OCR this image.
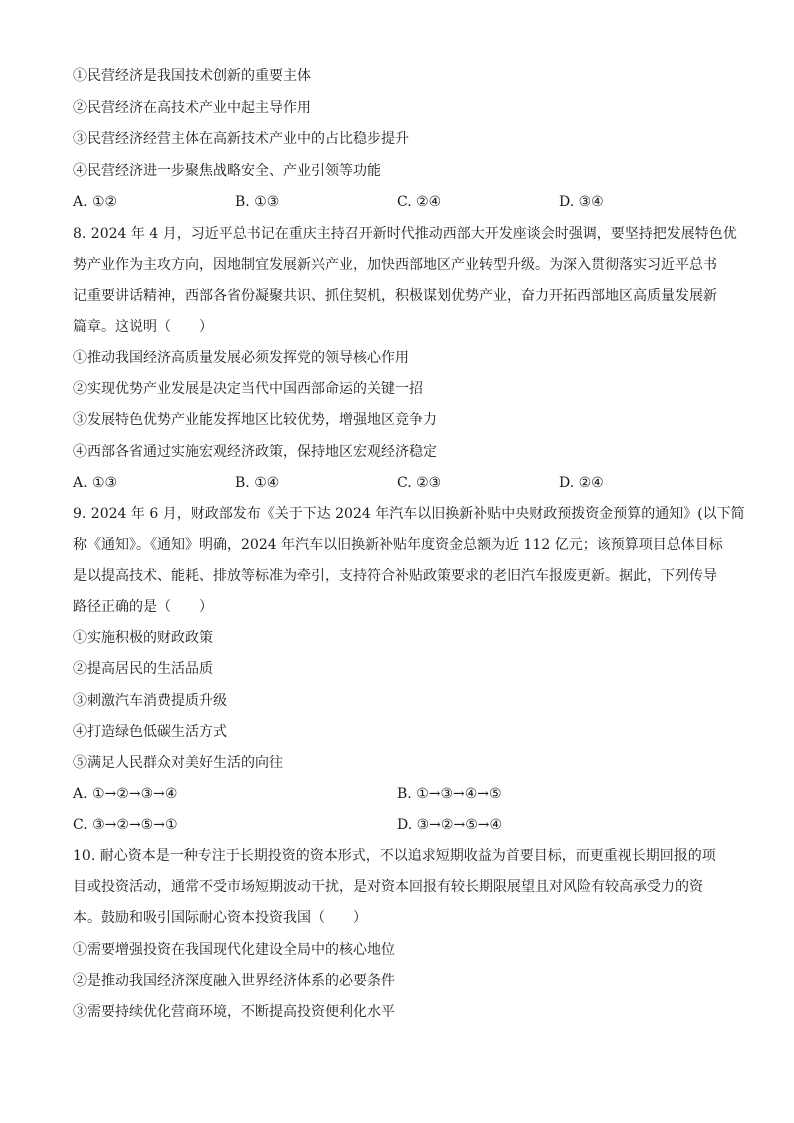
①民营经济是我国技术创新的重要主体
②民营经济在高技术产业中起主导作用
③民营经济经营主体在高新技术产业中的占比稳步提升
④民营经济进一步聚焦战略安全、产业引领等功能
A. ①②	B. ①③	C. ②④	D. ③④
8. 2024 年 4 月，习近平总书记在重庆主持召开新时代推动西部大开发座谈会时强调，要坚持把发展特色优
势产业作为主攻方向，因地制宜发展新兴产业，加快西部地区产业转型升级。为深入贯彻落实习近平总书
记重要讲话精神，西部各省份凝聚共识、抓住契机，积极谋划优势产业，奋力开拓西部地区高质量发展新
篇章。这说明（　　）
①推动我国经济高质量发展必须发挥党的领导核心作用
②实现优势产业发展是决定当代中国西部命运的关键一招
③发展特色优势产业能发挥地区比较优势，增强地区竞争力
④西部各省通过实施宏观经济政策，保持地区宏观经济稳定
A. ①③	B. ①④	C. ②③	D. ②④
9. 2024 年 6 月，财政部发布《关于下达 2024 年汽车以旧换新补贴中央财政预拨资金预算的通知》(以下简
称《通知》。《通知》明确，2024 年汽车以旧换新补贴年度资金总额为近 112 亿元；该预算项目总体目标
是以提高技术、能耗、排放等标准为牵引，支持符合补贴政策要求的老旧汽车报废更新。据此，下列传导
路径正确的是（　　）
①实施积极的财政政策
②提高居民的生活品质
③刺激汽车消费提质升级
④打造绿色低碳生活方式
⑤满足人民群众对美好生活的向往
A. ①→②→③→④	B. ①→③→④→⑤
C. ③→②→⑤→①	D. ③→②→⑤→④
10. 耐心资本是一种专注于长期投资的资本形式，不以追求短期收益为首要目标，而更重视长期回报的项
目或投资活动，通常不受市场短期波动干扰，是对资本回报有较长期限展望且对风险有较高承受力的资
本。鼓励和吸引国际耐心资本投资我国（　　）
①需要增强投资在我国现代化建设全局中的核心地位
②是推动我国经济深度融入世界经济体系的必要条件
③需要持续优化营商环境，不断提高投资便利化水平
